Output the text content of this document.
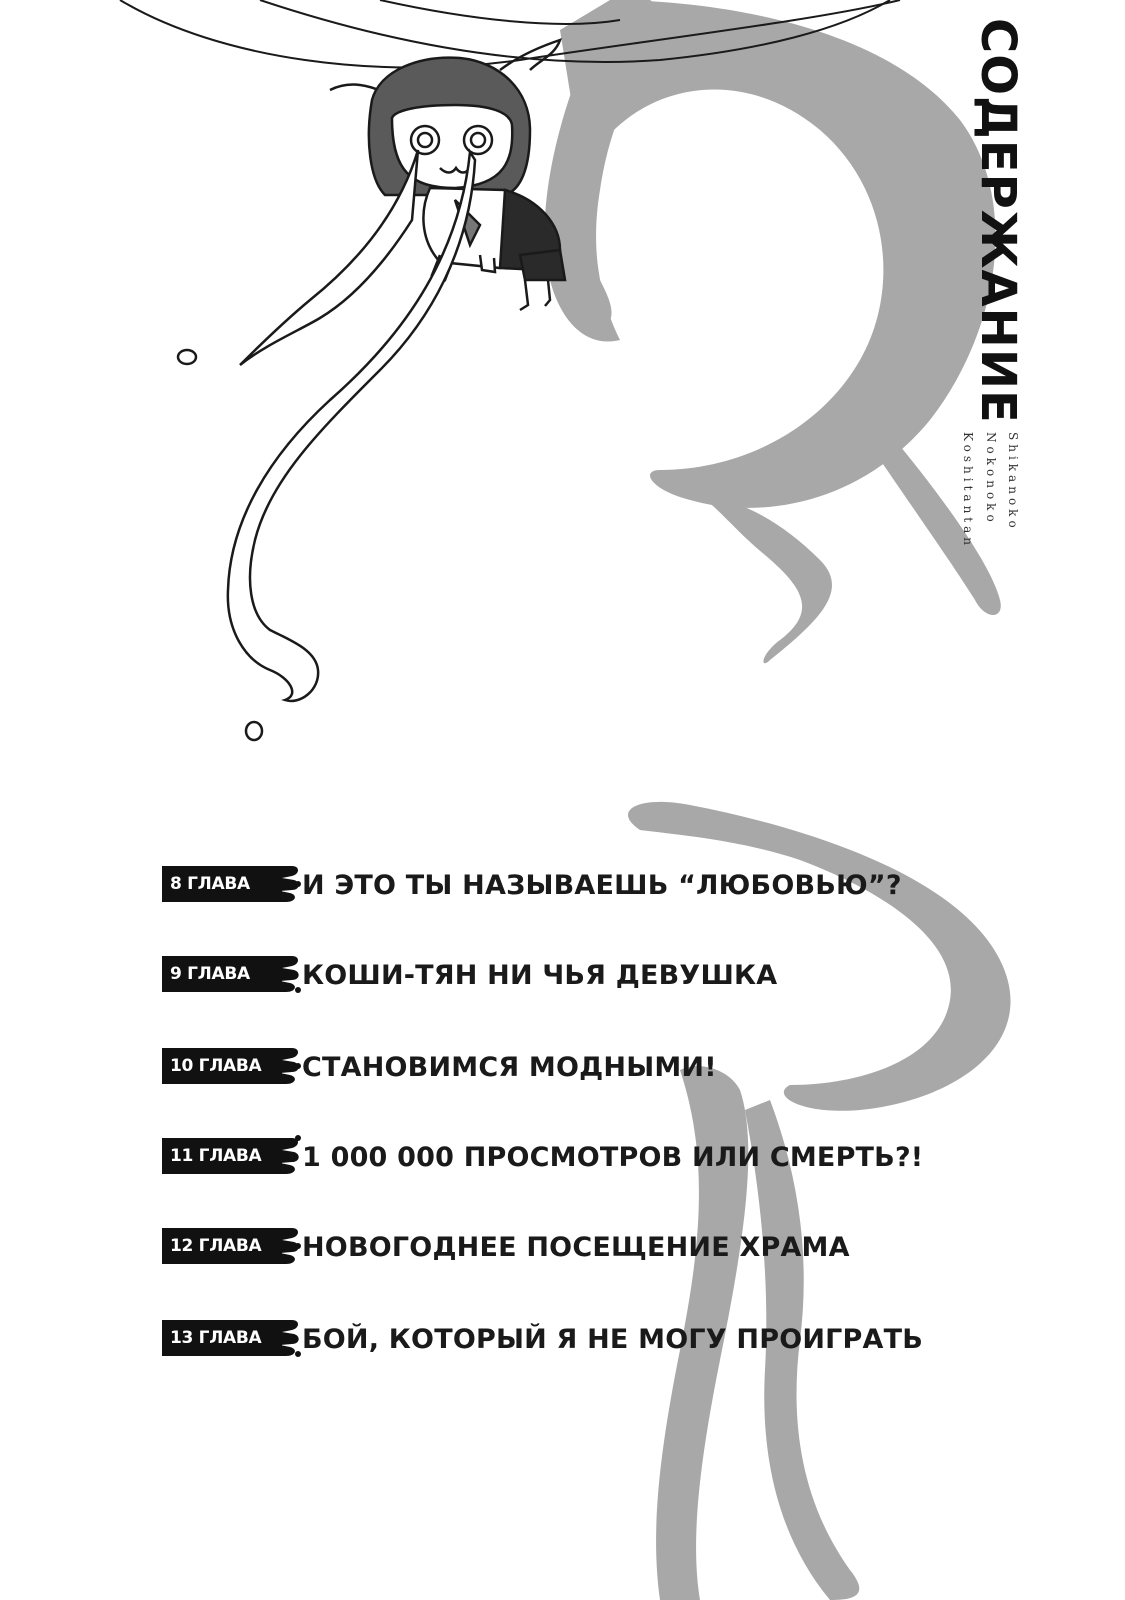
СОДЕРЖАНИЕ
Shikanoko
Nokonoko
Koshitantan
8 ГЛАВА И ЭТО ТЫ НАЗЫВАЕШЬ “ЛЮБОВЬЮ”?
9 ГЛАВА КОШИ-ТЯН НИ ЧЬЯ ДЕВУШКА
10 ГЛАВА СТАНОВИМСЯ МОДНЫМИ!
11 ГЛАВА 1 000 000 ПРОСМОТРОВ ИЛИ СМЕРТЬ?!
12 ГЛАВА НОВОГОДНЕЕ ПОСЕЩЕНИЕ ХРАМА
13 ГЛАВА БОЙ, КОТОРЫЙ Я НЕ МОГУ ПРОИГРАТЬ
